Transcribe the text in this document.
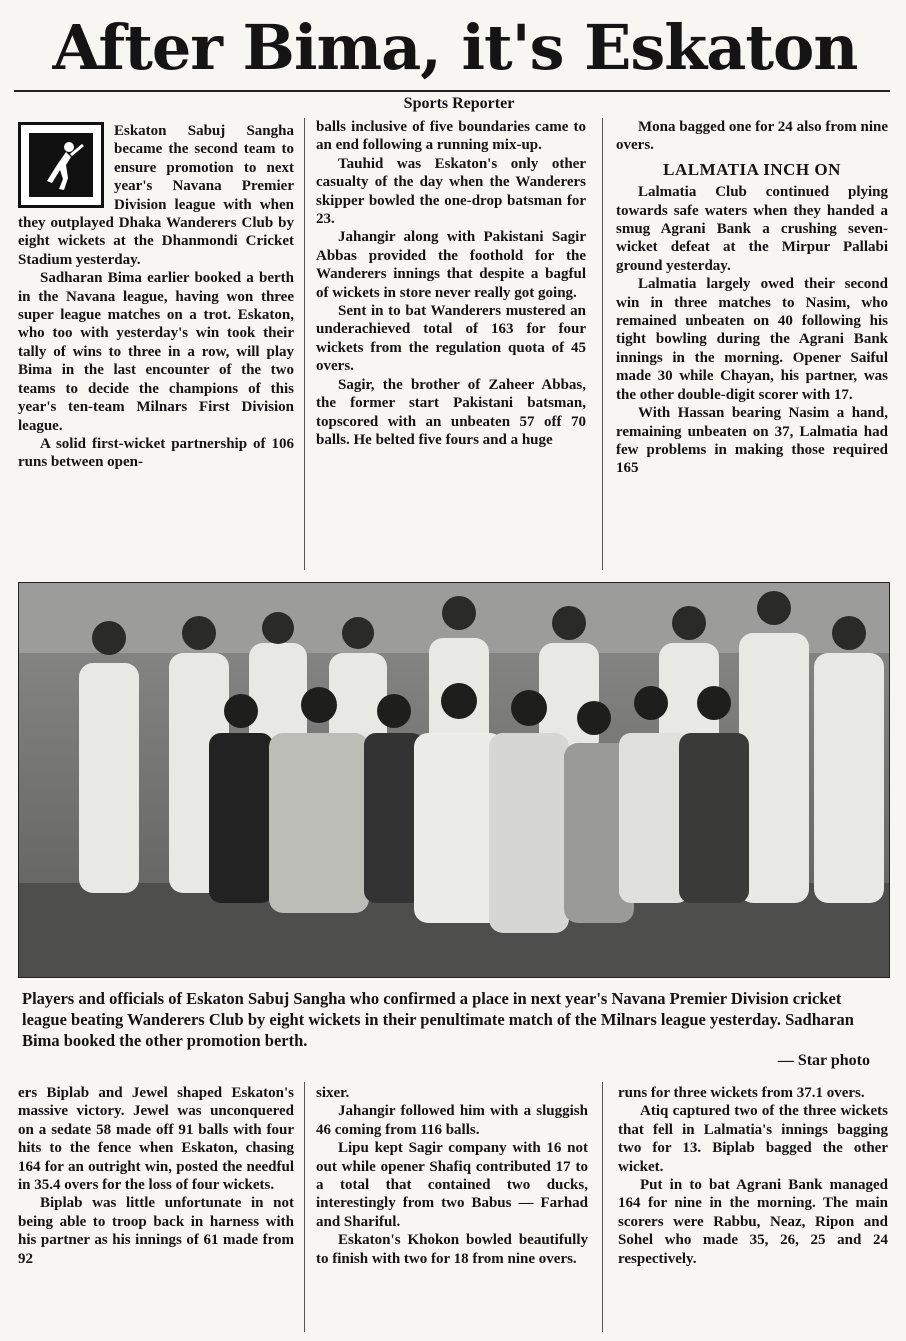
After Bima, it's Eskaton
Sports Reporter

Eskaton Sabuj Sangha became the second team to ensure promotion to next year's Navana Premier Division league with when they outplayed Dhaka Wanderers Club by eight wickets at the Dhanmondi Cricket Stadium yesterday.

Sadharan Bima earlier booked a berth in the Navana league, having won three super league matches on a trot. Eskaton, who too with yesterday's win took their tally of wins to three in a row, will play Bima in the last encounter of the two teams to decide the champions of this year's ten-team Milnars First Division league.

A solid first-wicket partnership of 106 runs between open-

balls inclusive of five boundaries came to an end following a running mix-up.

Tauhid was Eskaton's only other casualty of the day when the Wanderers skipper bowled the one-drop batsman for 23.

Jahangir along with Pakistani Sagir Abbas provided the foothold for the Wanderers innings that despite a bagful of wickets in store never really got going.

Sent in to bat Wanderers mustered an underachieved total of 163 for four wickets from the regulation quota of 45 overs.

Sagir, the brother of Zaheer Abbas, the former start Pakistani batsman, topscored with an unbeaten 57 off 70 balls. He belted five fours and a huge

Mona bagged one for 24 also from nine overs.

LALMATIA INCH ON

Lalmatia Club continued plying towards safe waters when they handed a smug Agrani Bank a crushing seven-wicket defeat at the Mirpur Pallabi ground yesterday.

Lalmatia largely owed their second win in three matches to Nasim, who remained unbeaten on 40 following his tight bowling during the Agrani Bank innings in the morning. Opener Saiful made 30 while Chayan, his partner, was the other double-digit scorer with 17.

With Hassan bearing Nasim a hand, remaining unbeaten on 37, Lalmatia had few problems in making those required 165

Players and officials of Eskaton Sabuj Sangha who confirmed a place in next year's Navana Premier Division cricket league beating Wanderers Club by eight wickets in their penultimate match of the Milnars league yesterday. Sadharan Bima booked the other promotion berth.
— Star photo

ers Biplab and Jewel shaped Eskaton's massive victory. Jewel was unconquered on a sedate 58 made off 91 balls with four hits to the fence when Eskaton, chasing 164 for an outright win, posted the needful in 35.4 overs for the loss of four wickets.

Biplab was little unfortunate in not being able to troop back in harness with his partner as his innings of 61 made from 92

sixer.

Jahangir followed him with a sluggish 46 coming from 116 balls.

Lipu kept Sagir company with 16 not out while opener Shafiq contributed 17 to a total that contained two ducks, interestingly from two Babus — Farhad and Shariful.

Eskaton's Khokon bowled beautifully to finish with two for 18 from nine overs.

runs for three wickets from 37.1 overs.

Atiq captured two of the three wickets that fell in Lalmatia's innings bagging two for 13. Biplab bagged the other wicket.

Put in to bat Agrani Bank managed 164 for nine in the morning. The main scorers were Rabbu, Neaz, Ripon and Sohel who made 35, 26, 25 and 24 respectively.
